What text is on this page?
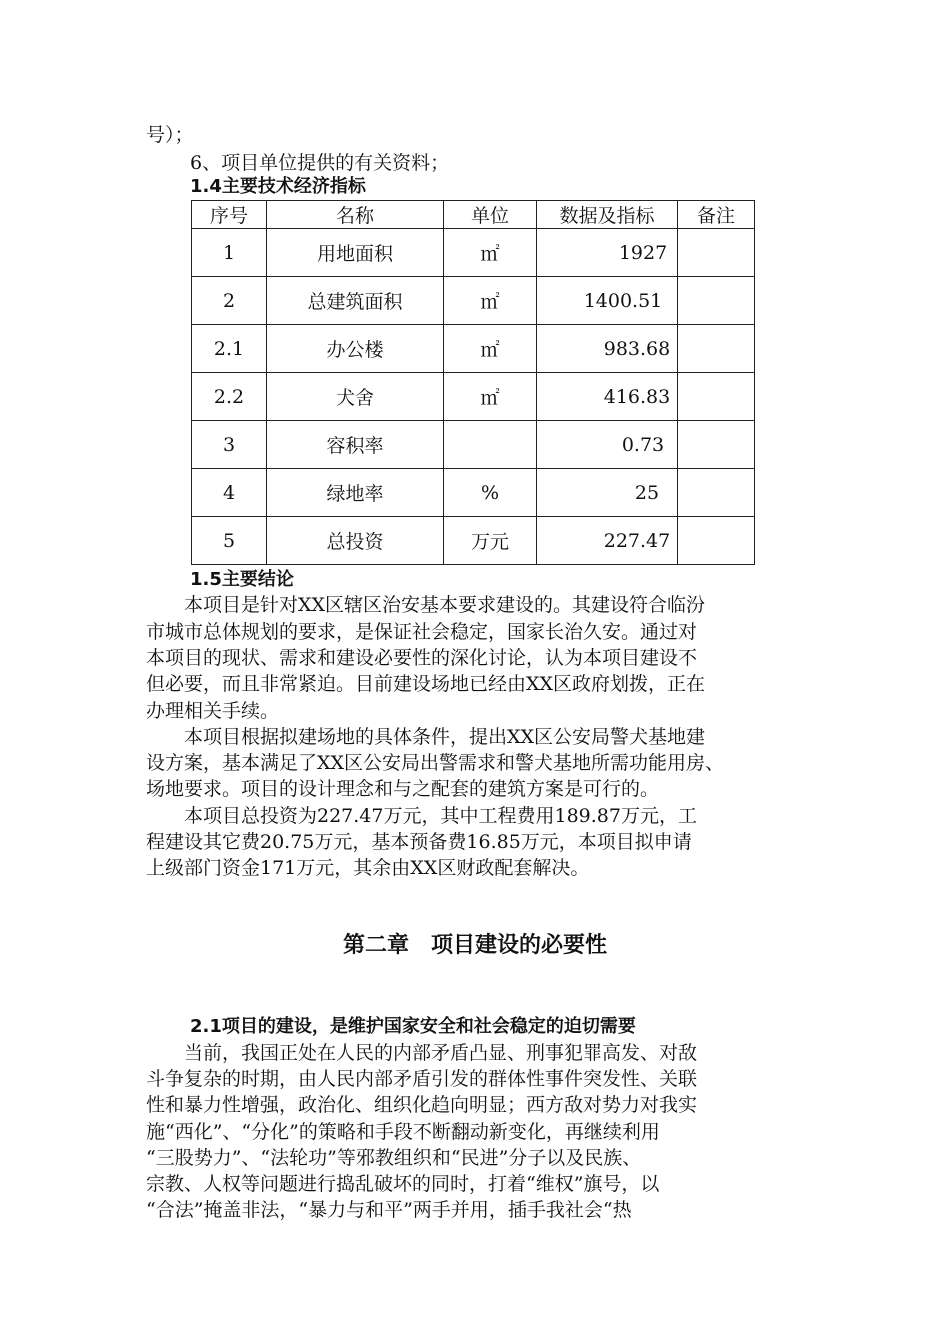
号）；
6、项目单位提供的有关资料；
1.4主要技术经济指标
序号	名称	单位	数据及指标	备注
1	用地面积	㎡	1927	
2	总建筑面积	㎡	1400.51	
2.1	办公楼	㎡	983.68	
2.2	犬舍	㎡	416.83	
3	容积率		0.73	
4	绿地率	%	25	
5	总投资	万元	227.47	
1.5主要结论
　　本项目是针对XX区辖区治安基本要求建设的。其建设符合临汾
市城市总体规划的要求，是保证社会稳定，国家长治久安。通过对
本项目的现状、需求和建设必要性的深化讨论，认为本项目建设不
但必要，而且非常紧迫。目前建设场地已经由XX区政府划拨，正在
办理相关手续。
　　本项目根据拟建场地的具体条件，提出XX区公安局警犬基地建
设方案，基本满足了XX区公安局出警需求和警犬基地所需功能用房、
场地要求。项目的设计理念和与之配套的建筑方案是可行的。
　　本项目总投资为227.47万元，其中工程费用189.87万元，工
程建设其它费20.75万元，基本预备费16.85万元，本项目拟申请
上级部门资金171万元，其余由XX区财政配套解决。
第二章　项目建设的必要性
2.1项目的建设，是维护国家安全和社会稳定的迫切需要
　　当前，我国正处在人民的内部矛盾凸显、刑事犯罪高发、对敌
斗争复杂的时期，由人民内部矛盾引发的群体性事件突发性、关联
性和暴力性增强，政治化、组织化趋向明显；西方敌对势力对我实
施“西化”、“分化”的策略和手段不断翻动新变化，再继续利用
“三股势力”、“法轮功”等邪教组织和“民进”分子以及民族、
宗教、人权等问题进行捣乱破坏的同时，打着“维权”旗号，以
“合法”掩盖非法，“暴力与和平”两手并用，插手我社会“热
